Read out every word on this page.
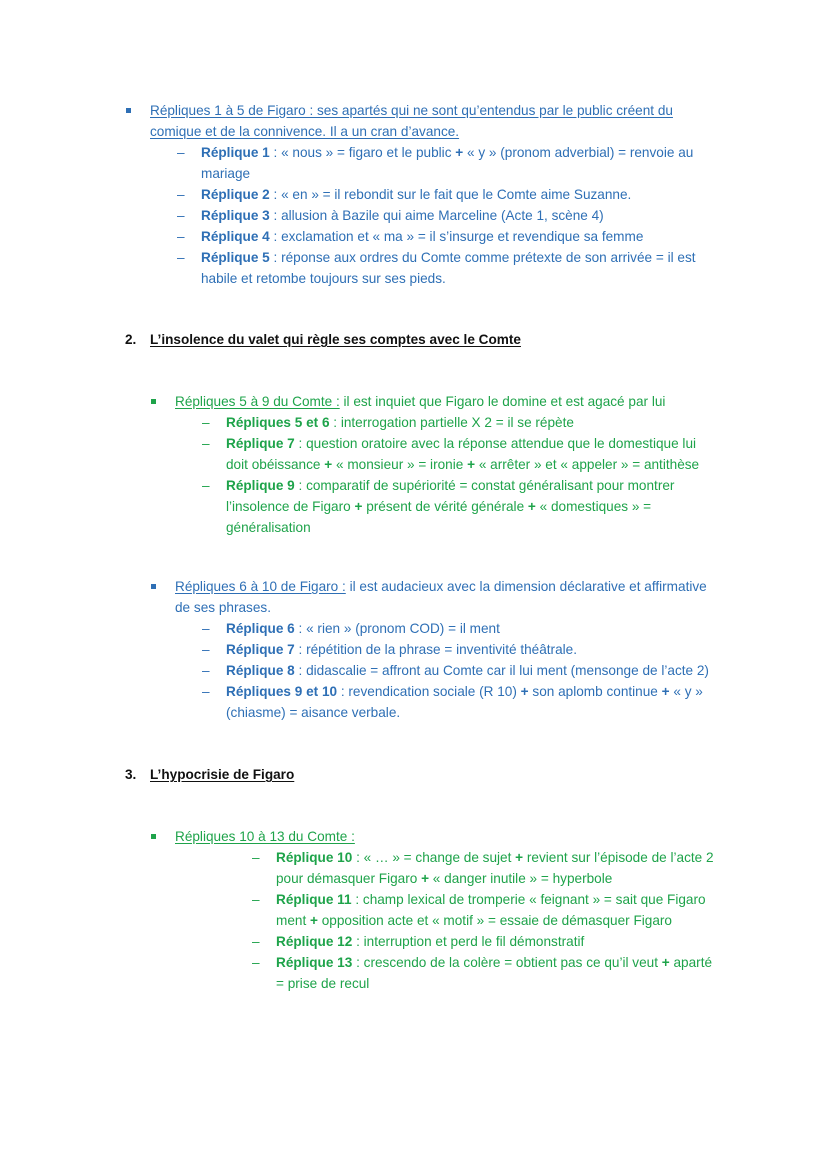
Répliques 1 à 5 de Figaro : ses apartés qui ne sont qu’entendus par le public créent du
comique et de la connivence. Il a un cran d’avance.
– Réplique 1 : « nous » = figaro et le public + « y » (pronom adverbial) = renvoie au
mariage
– Réplique 2 : « en » = il rebondit sur le fait que le Comte aime Suzanne.
– Réplique 3 : allusion à Bazile qui aime Marceline (Acte 1, scène 4)
– Réplique 4 : exclamation et « ma » = il s’insurge et revendique sa femme
– Réplique 5 : réponse aux ordres du Comte comme prétexte de son arrivée = il est
habile et retombe toujours sur ses pieds.
2. L’insolence du valet qui règle ses comptes avec le Comte
Répliques 5 à 9 du Comte : il est inquiet que Figaro le domine et est agacé par lui
– Répliques 5 et 6 : interrogation partielle X 2 = il se répète
– Réplique 7 : question oratoire avec la réponse attendue que le domestique lui
doit obéissance + « monsieur » = ironie + « arrêter » et « appeler » = antithèse
– Réplique 9 : comparatif de supériorité = constat généralisant pour montrer
l’insolence de Figaro + présent de vérité générale + « domestiques » =
généralisation
Répliques 6 à 10 de Figaro : il est audacieux avec la dimension déclarative et affirmative
de ses phrases.
– Réplique 6 : « rien » (pronom COD) = il ment
– Réplique 7 : répétition de la phrase = inventivité théâtrale.
– Réplique 8 : didascalie = affront au Comte car il lui ment (mensonge de l’acte 2)
– Répliques 9 et 10 : revendication sociale (R 10) + son aplomb continue + « y »
(chiasme) = aisance verbale.
3. L’hypocrisie de Figaro
Répliques 10 à 13 du Comte :
– Réplique 10 : « … » = change de sujet + revient sur l’épisode de l’acte 2
pour démasquer Figaro + « danger inutile » = hyperbole
– Réplique 11 : champ lexical de tromperie « feignant » = sait que Figaro
ment + opposition acte et « motif » = essaie de démasquer Figaro
– Réplique 12 : interruption et perd le fil démonstratif
– Réplique 13 : crescendo de la colère = obtient pas ce qu’il veut + aparté
= prise de recul
